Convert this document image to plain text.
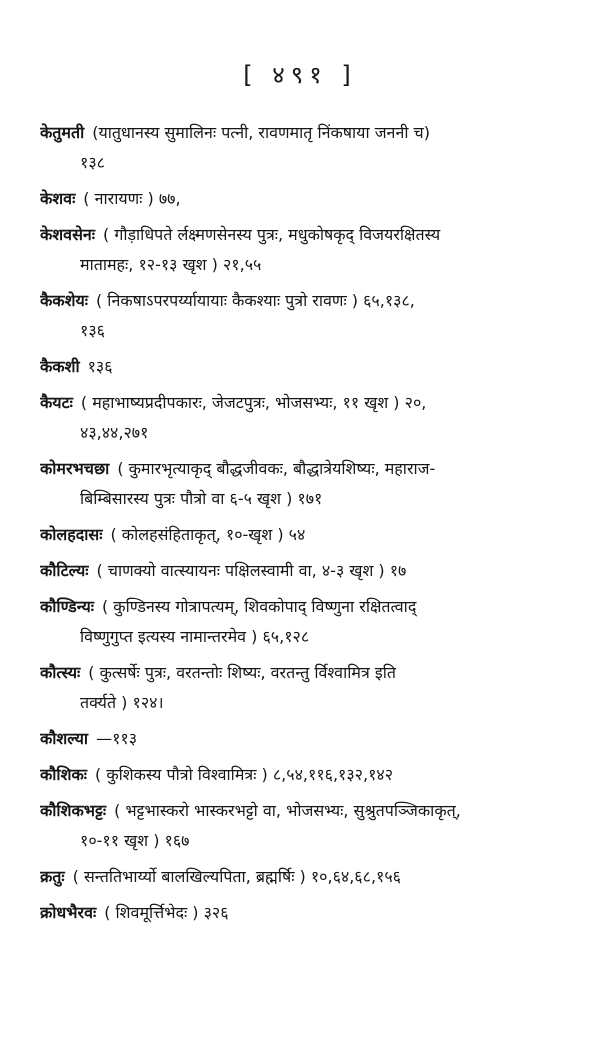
[ ४९१ ]
केतुमती (यातुधानस्य सुमालिनः पत्नी, रावणमातृ निंकषाया जननी च)
१३८
केशवः ( नारायणः ) ७७,
केशवसेनः ( गौड़ाधिपते र्लक्ष्मणसेनस्य पुत्रः, मधुकोषकृद् विजयरक्षितस्य
मातामहः, १२-१३ खृश ) २१,५५
कैकशेयः ( निकषाऽपरपर्य्यायायाः कैकश्याः पुत्रो रावणः ) ६५,१३८,
१३६
कैकशी १३६
कैयटः ( महाभाष्यप्रदीपकारः, जेजटपुत्रः, भोजसभ्यः, ११ खृश ) २०,
४३,४४,२७१
कोमरभचछा ( कुमारभृत्याकृद् बौद्धजीवकः, बौद्धात्रेयशिष्यः, महाराज-
बिम्बिसारस्य पुत्रः पौत्रो वा ६-५ खृश ) १७१
कोलहदासः ( कोलहसंहिताकृत्, १०-खृश ) ५४
कौटिल्यः ( चाणक्यो वात्स्यायनः पक्षिलस्वामी वा, ४-३ खृश ) १७
कौण्डिन्यः ( कुण्डिनस्य गोत्रापत्यम्, शिवकोपाद् विष्णुना रक्षितत्वाद्
विष्णुगुप्त इत्यस्य नामान्तरमेव ) ६५,१२८
कौत्स्यः ( कुत्सर्षेः पुत्रः, वरतन्तोः शिष्यः, वरतन्तु र्विश्वामित्र इति
तर्क्यते ) १२४।
कौशल्या —११३
कौशिकः ( कुशिकस्य पौत्रो विश्वामित्रः ) ८,५४,११६,१३२,१४२
कौशिकभट्टः ( भट्टभास्करो भास्करभट्टो वा, भोजसभ्यः, सुश्रुतपञ्जिकाकृत्,
१०-११ खृश ) १६७
क्रतुः ( सन्ततिभार्य्यो बालखिल्यपिता, ब्रह्मर्षिः ) १०,६४,६८,१५६
क्रोधभैरवः ( शिवमूर्त्तिभेदः ) ३२६
